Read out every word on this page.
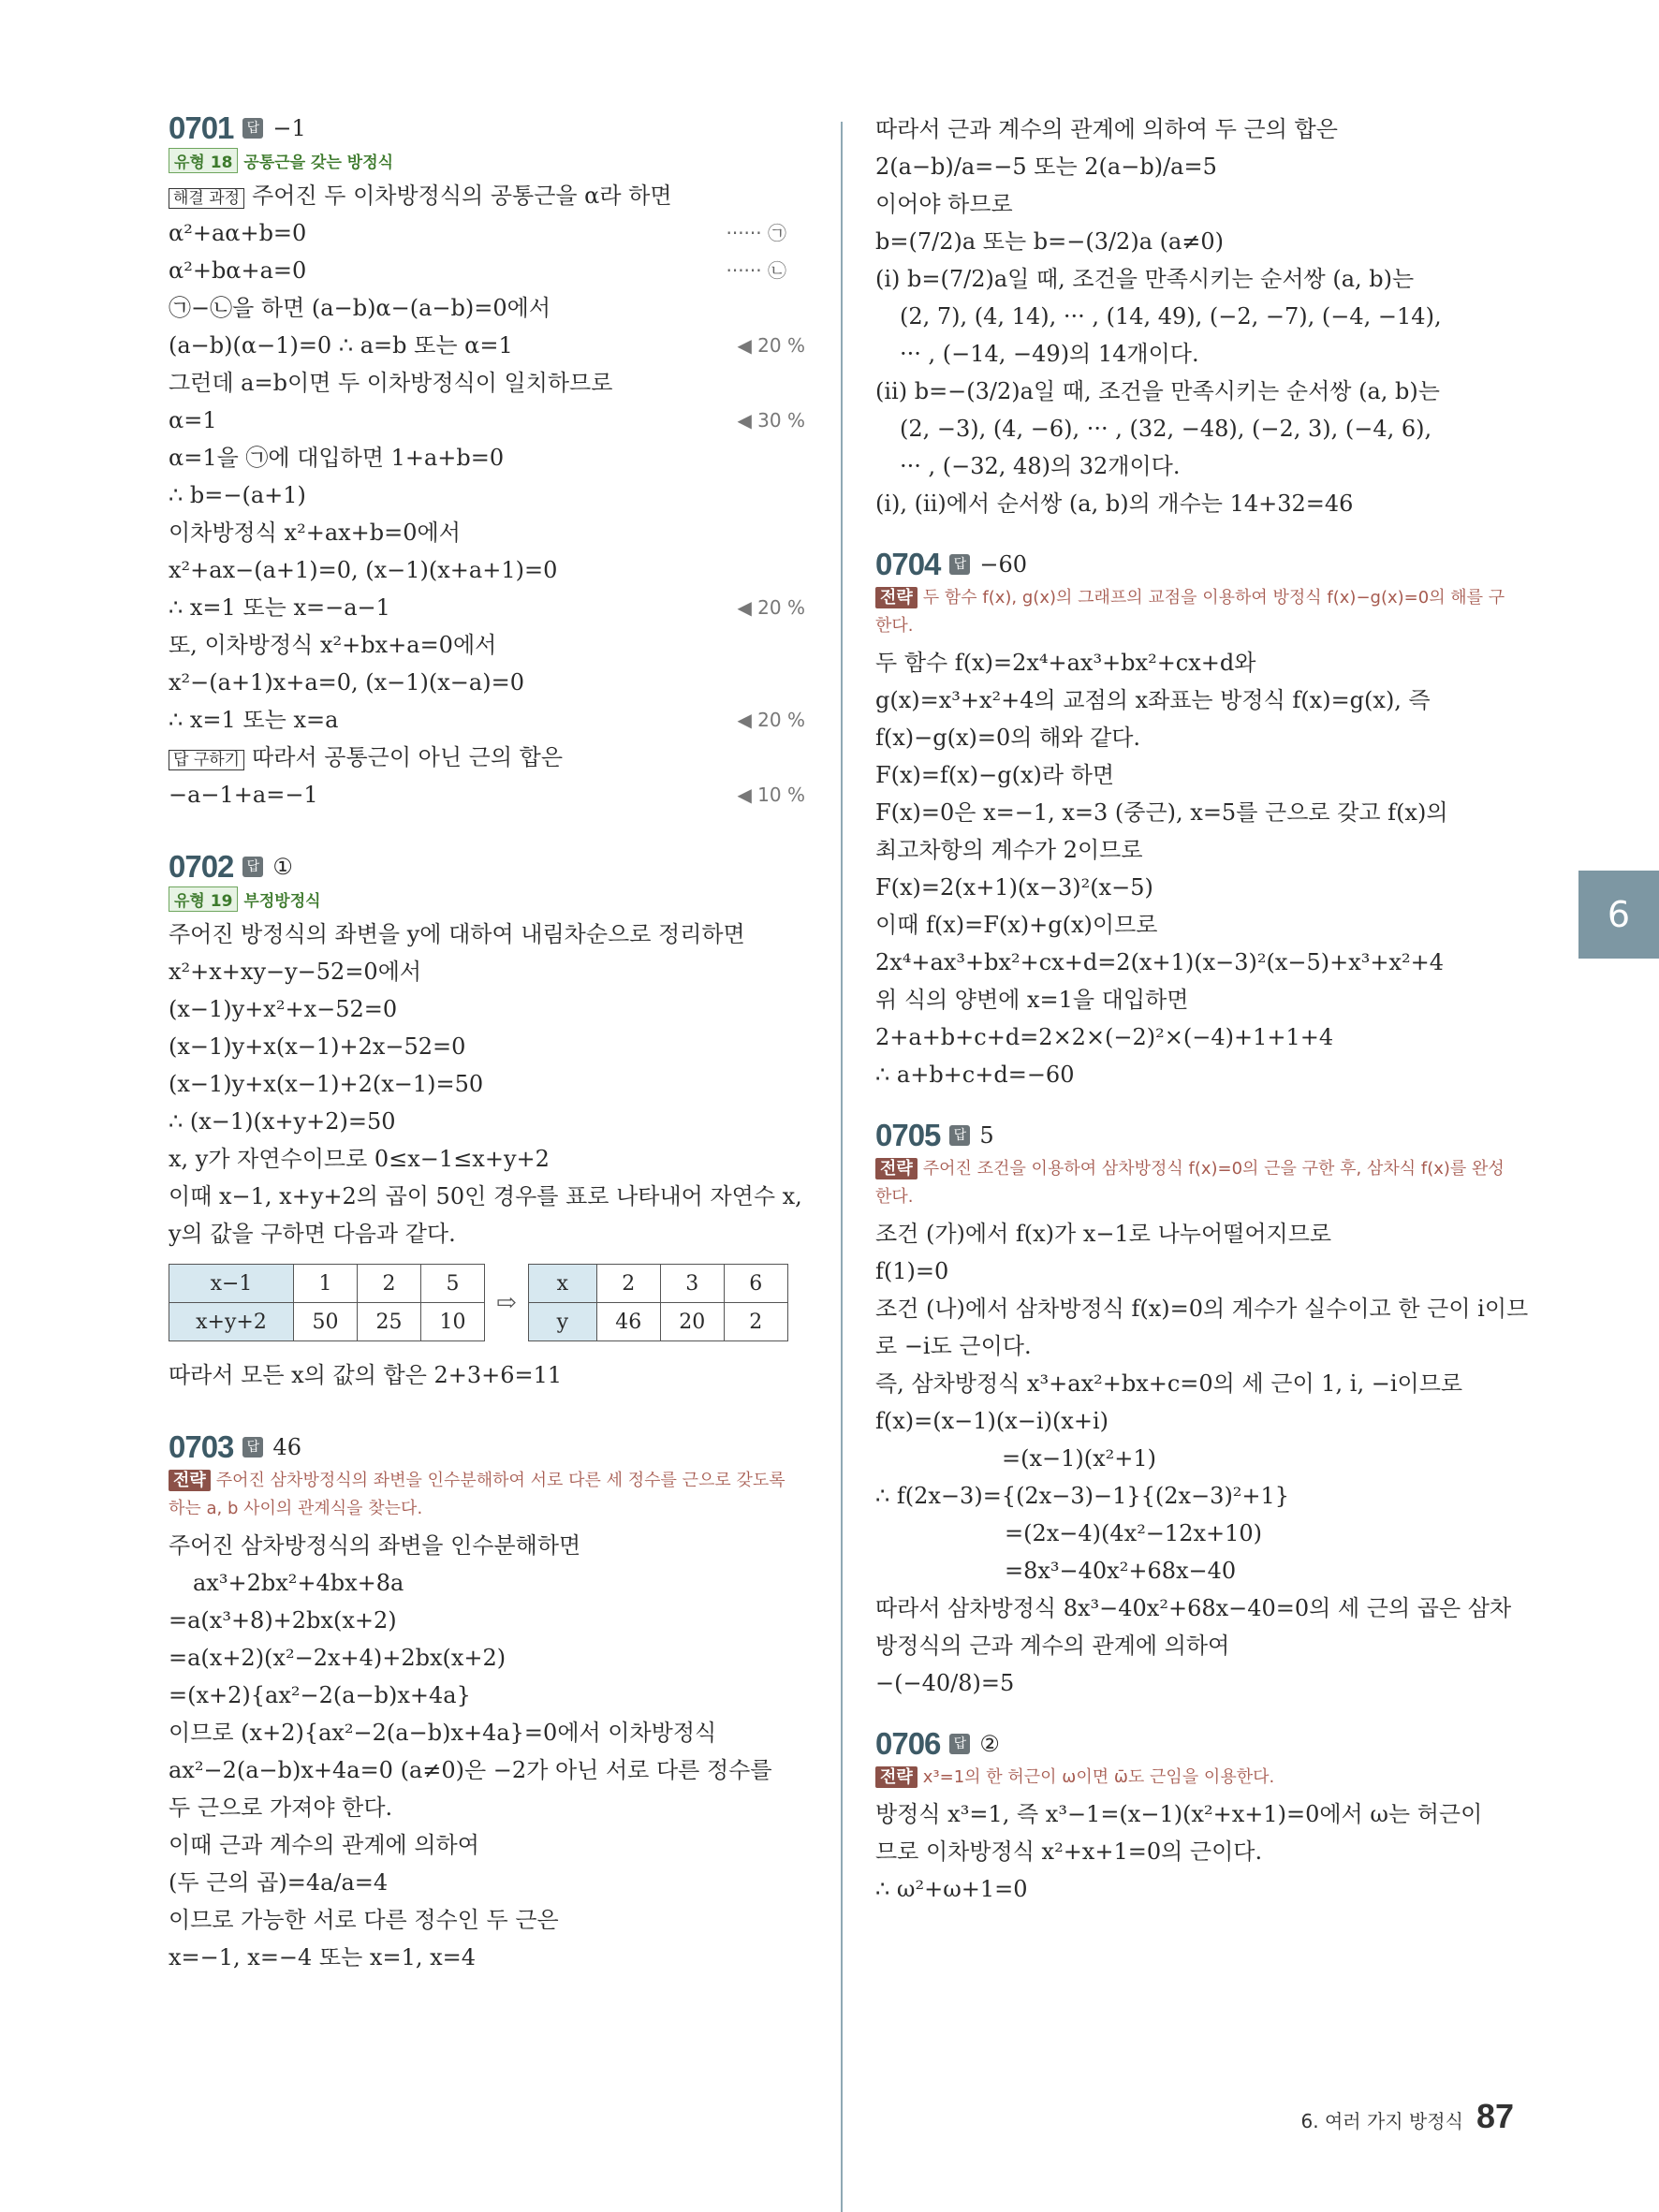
0701	답 −1
유형 18 공통근을 갖는 방정식
해결 과정 주어진 두 이차방정식의 공통근을 α라 하면
α²+aα+b=0	······ ㉠
α²+bα+a=0	······ ㉡
㉠−㉡을 하면 (a−b)α−(a−b)=0에서
(a−b)(α−1)=0 ∴ a=b 또는 α=1	◀ 20 %
그런데 a=b이면 두 이차방정식이 일치하므로
α=1	◀ 30 %
α=1을 ㉠에 대입하면 1+a+b=0
∴ b=−(a+1)
이차방정식 x²+ax+b=0에서
x²+ax−(a+1)=0, (x−1)(x+a+1)=0
∴ x=1 또는 x=−a−1	◀ 20 %
또, 이차방정식 x²+bx+a=0에서
x²−(a+1)x+a=0, (x−1)(x−a)=0
∴ x=1 또는 x=a	◀ 20 %
답 구하기 따라서 공통근이 아닌 근의 합은
−a−1+a=−1	◀ 10 %
0702	답 ①
유형 19 부정방정식
주어진 방정식의 좌변을 y에 대하여 내림차순으로 정리하면
x²+x+xy−y−52=0에서
(x−1)y+x²+x−52=0
(x−1)y+x(x−1)+2x−52=0
(x−1)y+x(x−1)+2(x−1)=50
∴ (x−1)(x+y+2)=50
x, y가 자연수이므로 0≤x−1≤x+y+2
이때 x−1, x+y+2의 곱이 50인 경우를 표로 나타내어 자연수 x,
y의 값을 구하면 다음과 같다.
x−1	1	2	5
x+y+2	50	25	10
⇨
x	2	3	6
y	46	20	2
따라서 모든 x의 값의 합은 2+3+6=11
0703	답 46
전략 주어진 삼차방정식의 좌변을 인수분해하여 서로 다른 세 정수를 근으로 갖도록 하는 a, b 사이의 관계식을 찾는다.
주어진 삼차방정식의 좌변을 인수분해하면
ax³+2bx²+4bx+8a
=a(x³+8)+2bx(x+2)
=a(x+2)(x²−2x+4)+2bx(x+2)
=(x+2){ax²−2(a−b)x+4a}
이므로 (x+2){ax²−2(a−b)x+4a}=0에서 이차방정식
ax²−2(a−b)x+4a=0 (a≠0)은 −2가 아닌 서로 다른 정수를
두 근으로 가져야 한다.
이때 근과 계수의 관계에 의하여
(두 근의 곱)=4a/a=4
이므로 가능한 서로 다른 정수인 두 근은
x=−1, x=−4 또는 x=1, x=4
따라서 근과 계수의 관계에 의하여 두 근의 합은
2(a−b)/a=−5 또는 2(a−b)/a=5
이어야 하므로
b=(7/2)a 또는 b=−(3/2)a (a≠0)
(ⅰ) b=(7/2)a일 때, 조건을 만족시키는 순서쌍 (a, b)는
(2, 7), (4, 14), ··· , (14, 49), (−2, −7), (−4, −14),
··· , (−14, −49)의 14개이다.
(ⅱ) b=−(3/2)a일 때, 조건을 만족시키는 순서쌍 (a, b)는
(2, −3), (4, −6), ··· , (32, −48), (−2, 3), (−4, 6),
··· , (−32, 48)의 32개이다.
(ⅰ), (ⅱ)에서 순서쌍 (a, b)의 개수는 14+32=46
0704	답 −60
전략 두 함수 f(x), g(x)의 그래프의 교점을 이용하여 방정식 f(x)−g(x)=0의 해를 구한다.
두 함수 f(x)=2x⁴+ax³+bx²+cx+d와
g(x)=x³+x²+4의 교점의 x좌표는 방정식 f(x)=g(x), 즉
f(x)−g(x)=0의 해와 같다.
F(x)=f(x)−g(x)라 하면
F(x)=0은 x=−1, x=3 (중근), x=5를 근으로 갖고 f(x)의
최고차항의 계수가 2이므로
F(x)=2(x+1)(x−3)²(x−5)
이때 f(x)=F(x)+g(x)이므로
2x⁴+ax³+bx²+cx+d=2(x+1)(x−3)²(x−5)+x³+x²+4
위 식의 양변에 x=1을 대입하면
2+a+b+c+d=2×2×(−2)²×(−4)+1+1+4
∴ a+b+c+d=−60
0705	답 5
전략 주어진 조건을 이용하여 삼차방정식 f(x)=0의 근을 구한 후, 삼차식 f(x)를 완성한다.
조건 (가)에서 f(x)가 x−1로 나누어떨어지므로
f(1)=0
조건 (나)에서 삼차방정식 f(x)=0의 계수가 실수이고 한 근이 i이므
로 −i도 근이다.
즉, 삼차방정식 x³+ax²+bx+c=0의 세 근이 1, i, −i이므로
f(x)=(x−1)(x−i)(x+i)
=(x−1)(x²+1)
∴ f(2x−3)={(2x−3)−1}{(2x−3)²+1}
=(2x−4)(4x²−12x+10)
=8x³−40x²+68x−40
따라서 삼차방정식 8x³−40x²+68x−40=0의 세 근의 곱은 삼차
방정식의 근과 계수의 관계에 의하여
−(−40/8)=5
0706	답 ②
전략 x³=1의 한 허근이 ω이면 ω̄도 근임을 이용한다.
방정식 x³=1, 즉 x³−1=(x−1)(x²+x+1)=0에서 ω는 허근이
므로 이차방정식 x²+x+1=0의 근이다.
∴ ω²+ω+1=0
6
6. 여러 가지 방정식 87
